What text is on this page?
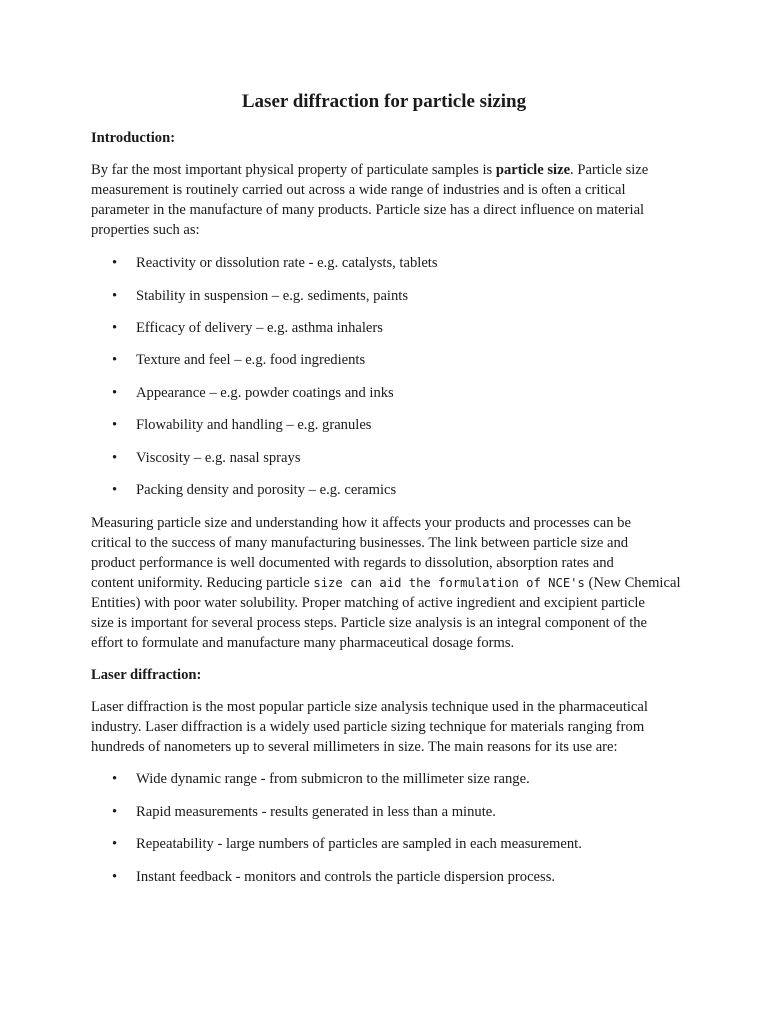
Laser diffraction for particle sizing
Introduction:
By far the most important physical property of particulate samples is particle size. Particle size
measurement is routinely carried out across a wide range of industries and is often a critical
parameter in the manufacture of many products. Particle size has a direct influence on material
properties such as:
• Reactivity or dissolution rate - e.g. catalysts, tablets
• Stability in suspension – e.g. sediments, paints
• Efficacy of delivery – e.g. asthma inhalers
• Texture and feel – e.g. food ingredients
• Appearance – e.g. powder coatings and inks
• Flowability and handling – e.g. granules
• Viscosity – e.g. nasal sprays
• Packing density and porosity – e.g. ceramics
Measuring particle size and understanding how it affects your products and processes can be
critical to the success of many manufacturing businesses. The link between particle size and
product performance is well documented with regards to dissolution, absorption rates and
content uniformity. Reducing particle size can aid the formulation of NCE's (New Chemical
Entities) with poor water solubility. Proper matching of active ingredient and excipient particle
size is important for several process steps. Particle size analysis is an integral component of the
effort to formulate and manufacture many pharmaceutical dosage forms.
Laser diffraction:
Laser diffraction is the most popular particle size analysis technique used in the pharmaceutical
industry. Laser diffraction is a widely used particle sizing technique for materials ranging from
hundreds of nanometers up to several millimeters in size. The main reasons for its use are:
• Wide dynamic range - from submicron to the millimeter size range.
• Rapid measurements - results generated in less than a minute.
• Repeatability - large numbers of particles are sampled in each measurement.
• Instant feedback - monitors and controls the particle dispersion process.
